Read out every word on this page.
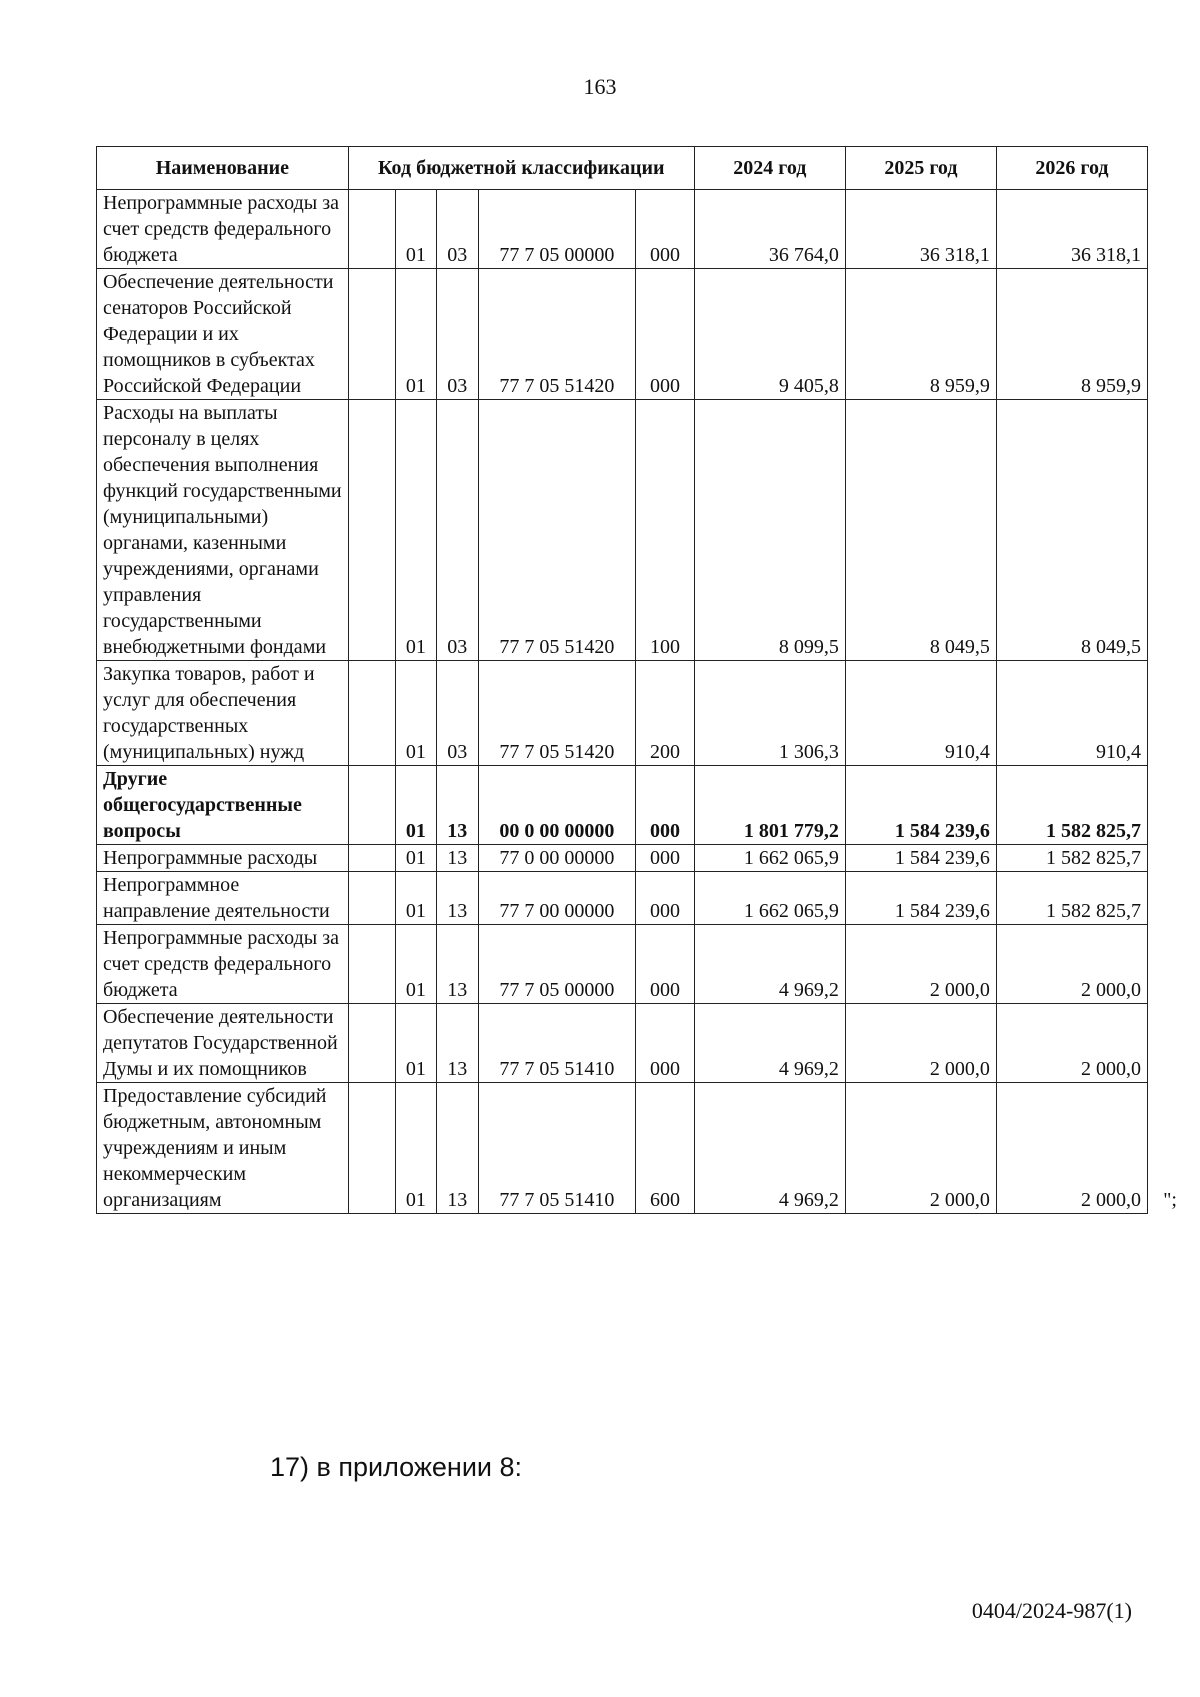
163
Наименование	Код бюджетной классификации					2024 год	2025 год	2026 год
Непрограммные расходы за счет средств федерального бюджета		01	03	77 7 05 00000	000	36 764,0	36 318,1	36 318,1
Обеспечение деятельности сенаторов Российской Федерации и их помощников в субъектах Российской Федерации		01	03	77 7 05 51420	000	9 405,8	8 959,9	8 959,9
Расходы на выплаты персоналу в целях обеспечения выполнения функций государственными (муниципальными) органами, казенными учреждениями, органами управления государственными внебюджетными фондами		01	03	77 7 05 51420	100	8 099,5	8 049,5	8 049,5
Закупка товаров, работ и услуг для обеспечения государственных (муниципальных) нужд		01	03	77 7 05 51420	200	1 306,3	910,4	910,4
Другие общегосударственные вопросы		01	13	00 0 00 00000	000	1 801 779,2	1 584 239,6	1 582 825,7
Непрограммные расходы		01	13	77 0 00 00000	000	1 662 065,9	1 584 239,6	1 582 825,7
Непрограммное направление деятельности		01	13	77 7 00 00000	000	1 662 065,9	1 584 239,6	1 582 825,7
Непрограммные расходы за счет средств федерального бюджета		01	13	77 7 05 00000	000	4 969,2	2 000,0	2 000,0
Обеспечение деятельности депутатов Государственной Думы и их помощников		01	13	77 7 05 51410	000	4 969,2	2 000,0	2 000,0
Предоставление субсидий бюджетным, автономным учреждениям и иным некоммерческим организациям		01	13	77 7 05 51410	600	4 969,2	2 000,0	2 000,0 ";
17) в приложении 8:
0404/2024-987(1)
